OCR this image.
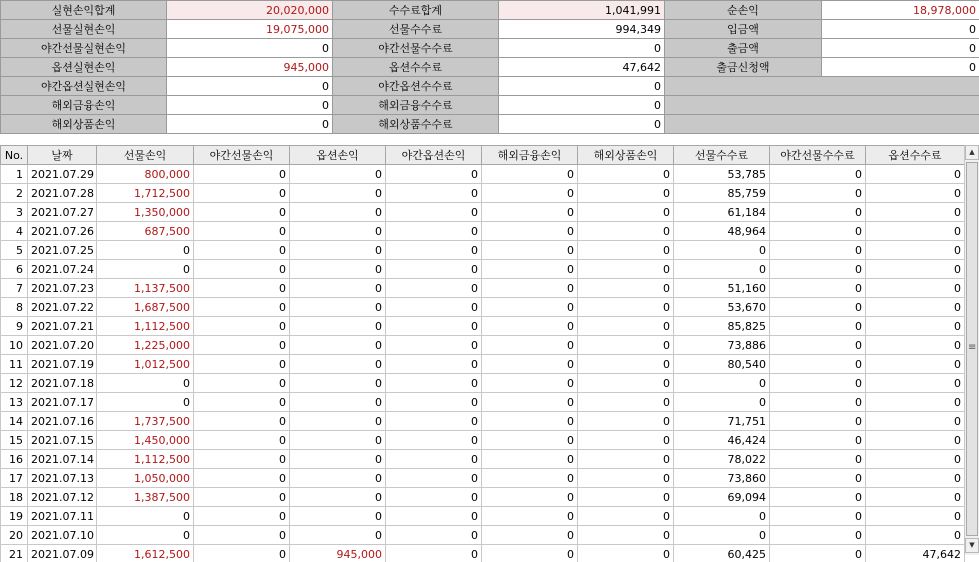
실현손익합계	20,020,000	수수료합계	1,041,991	순손익	18,978,000
선물실현손익	19,075,000	선물수수료	994,349	입금액	0
야간선물실현손익	0	야간선물수수료	0	출금액	0
옵션실현손익	945,000	옵션수수료	47,642	출금신청액	0
야간옵션실현손익	0	야간옵션수수료	0		
해외금융손익	0	해외금융수수료	0		
해외상품손익	0	해외상품수수료	0		
No.	날짜	선물손익	야간선물손익	옵션손익	야간옵션손익	해외금융손익	해외상품손익	선물수수료	야간선물수수료	옵션수수료
1	2021.07.29	800,000	0	0	0	0	0	53,785	0	0
2	2021.07.28	1,712,500	0	0	0	0	0	85,759	0	0
3	2021.07.27	1,350,000	0	0	0	0	0	61,184	0	0
4	2021.07.26	687,500	0	0	0	0	0	48,964	0	0
5	2021.07.25	0	0	0	0	0	0	0	0	0
6	2021.07.24	0	0	0	0	0	0	0	0	0
7	2021.07.23	1,137,500	0	0	0	0	0	51,160	0	0
8	2021.07.22	1,687,500	0	0	0	0	0	53,670	0	0
9	2021.07.21	1,112,500	0	0	0	0	0	85,825	0	0
10	2021.07.20	1,225,000	0	0	0	0	0	73,886	0	0
11	2021.07.19	1,012,500	0	0	0	0	0	80,540	0	0
12	2021.07.18	0	0	0	0	0	0	0	0	0
13	2021.07.17	0	0	0	0	0	0	0	0	0
14	2021.07.16	1,737,500	0	0	0	0	0	71,751	0	0
15	2021.07.15	1,450,000	0	0	0	0	0	46,424	0	0
16	2021.07.14	1,112,500	0	0	0	0	0	78,022	0	0
17	2021.07.13	1,050,000	0	0	0	0	0	73,860	0	0
18	2021.07.12	1,387,500	0	0	0	0	0	69,094	0	0
19	2021.07.11	0	0	0	0	0	0	0	0	0
20	2021.07.10	0	0	0	0	0	0	0	0	0
21	2021.07.09	1,612,500	0	945,000	0	0	0	60,425	0	47,642
▲
≡
▼
